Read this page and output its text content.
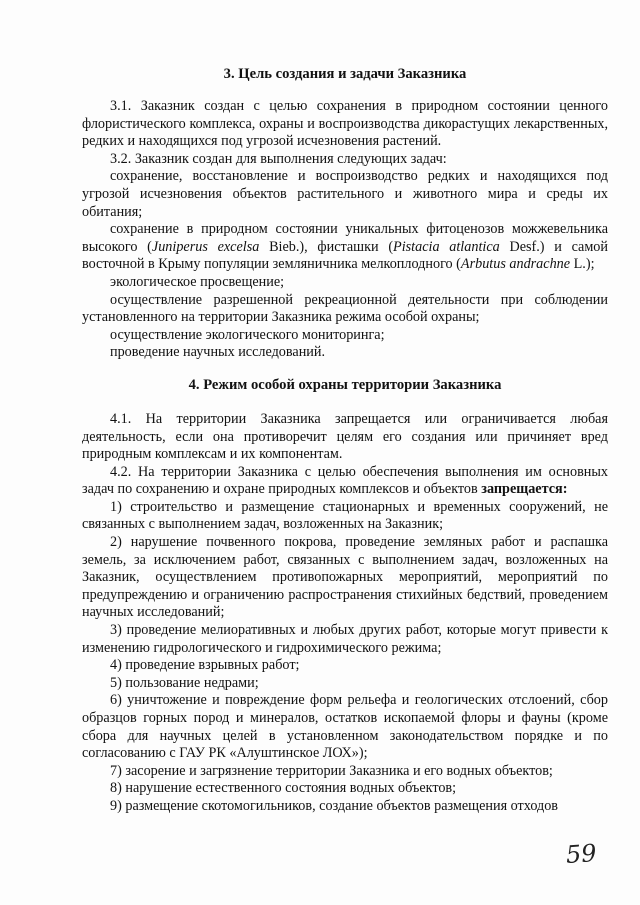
3. Цель создания и задачи Заказника

3.1. Заказник создан с целью сохранения в природном состоянии ценного флористического комплекса, охраны и воспроизводства дикорастущих лекарственных, редких и находящихся под угрозой исчезновения растений.

3.2. Заказник создан для выполнения следующих задач:

сохранение, восстановление и воспроизводство редких и находящихся под угрозой исчезновения объектов растительного и животного мира и среды их обитания;

сохранение в природном состоянии уникальных фитоценозов можжевельника высокого (Juniperus excelsa Bieb.), фисташки (Pistacia atlantica Desf.) и самой восточной в Крыму популяции земляничника мелкоплодного (Arbutus andrachne L.);

экологическое просвещение;

осуществление разрешенной рекреационной деятельности при соблюдении установленного на территории Заказника режима особой охраны;

осуществление экологического мониторинга;

проведение научных исследований.

4. Режим особой охраны территории Заказника

4.1. На территории Заказника запрещается или ограничивается любая деятельность, если она противоречит целям его создания или причиняет вред природным комплексам и их компонентам.

4.2. На территории Заказника с целью обеспечения выполнения им основных задач по сохранению и охране природных комплексов и объектов запрещается:

1) строительство и размещение стационарных и временных сооружений, не связанных с выполнением задач, возложенных на Заказник;

2) нарушение почвенного покрова, проведение земляных работ и распашка земель, за исключением работ, связанных с выполнением задач, возложенных на Заказник, осуществлением противопожарных мероприятий, мероприятий по предупреждению и ограничению распространения стихийных бедствий, проведением научных исследований;

3) проведение мелиоративных и любых других работ, которые могут привести к изменению гидрологического и гидрохимического режима;

4) проведение взрывных работ;

5) пользование недрами;

6) уничтожение и повреждение форм рельефа и геологических отслоений, сбор образцов горных пород и минералов, остатков ископаемой флоры и фауны (кроме сбора для научных целей в установленном законодательством порядке и по согласованию с ГАУ РК «Алуштинское ЛОХ»);

7) засорение и загрязнение территории Заказника и его водных объектов;

8) нарушение естественного состояния водных объектов;

9) размещение скотомогильников, создание объектов размещения отходов

59
